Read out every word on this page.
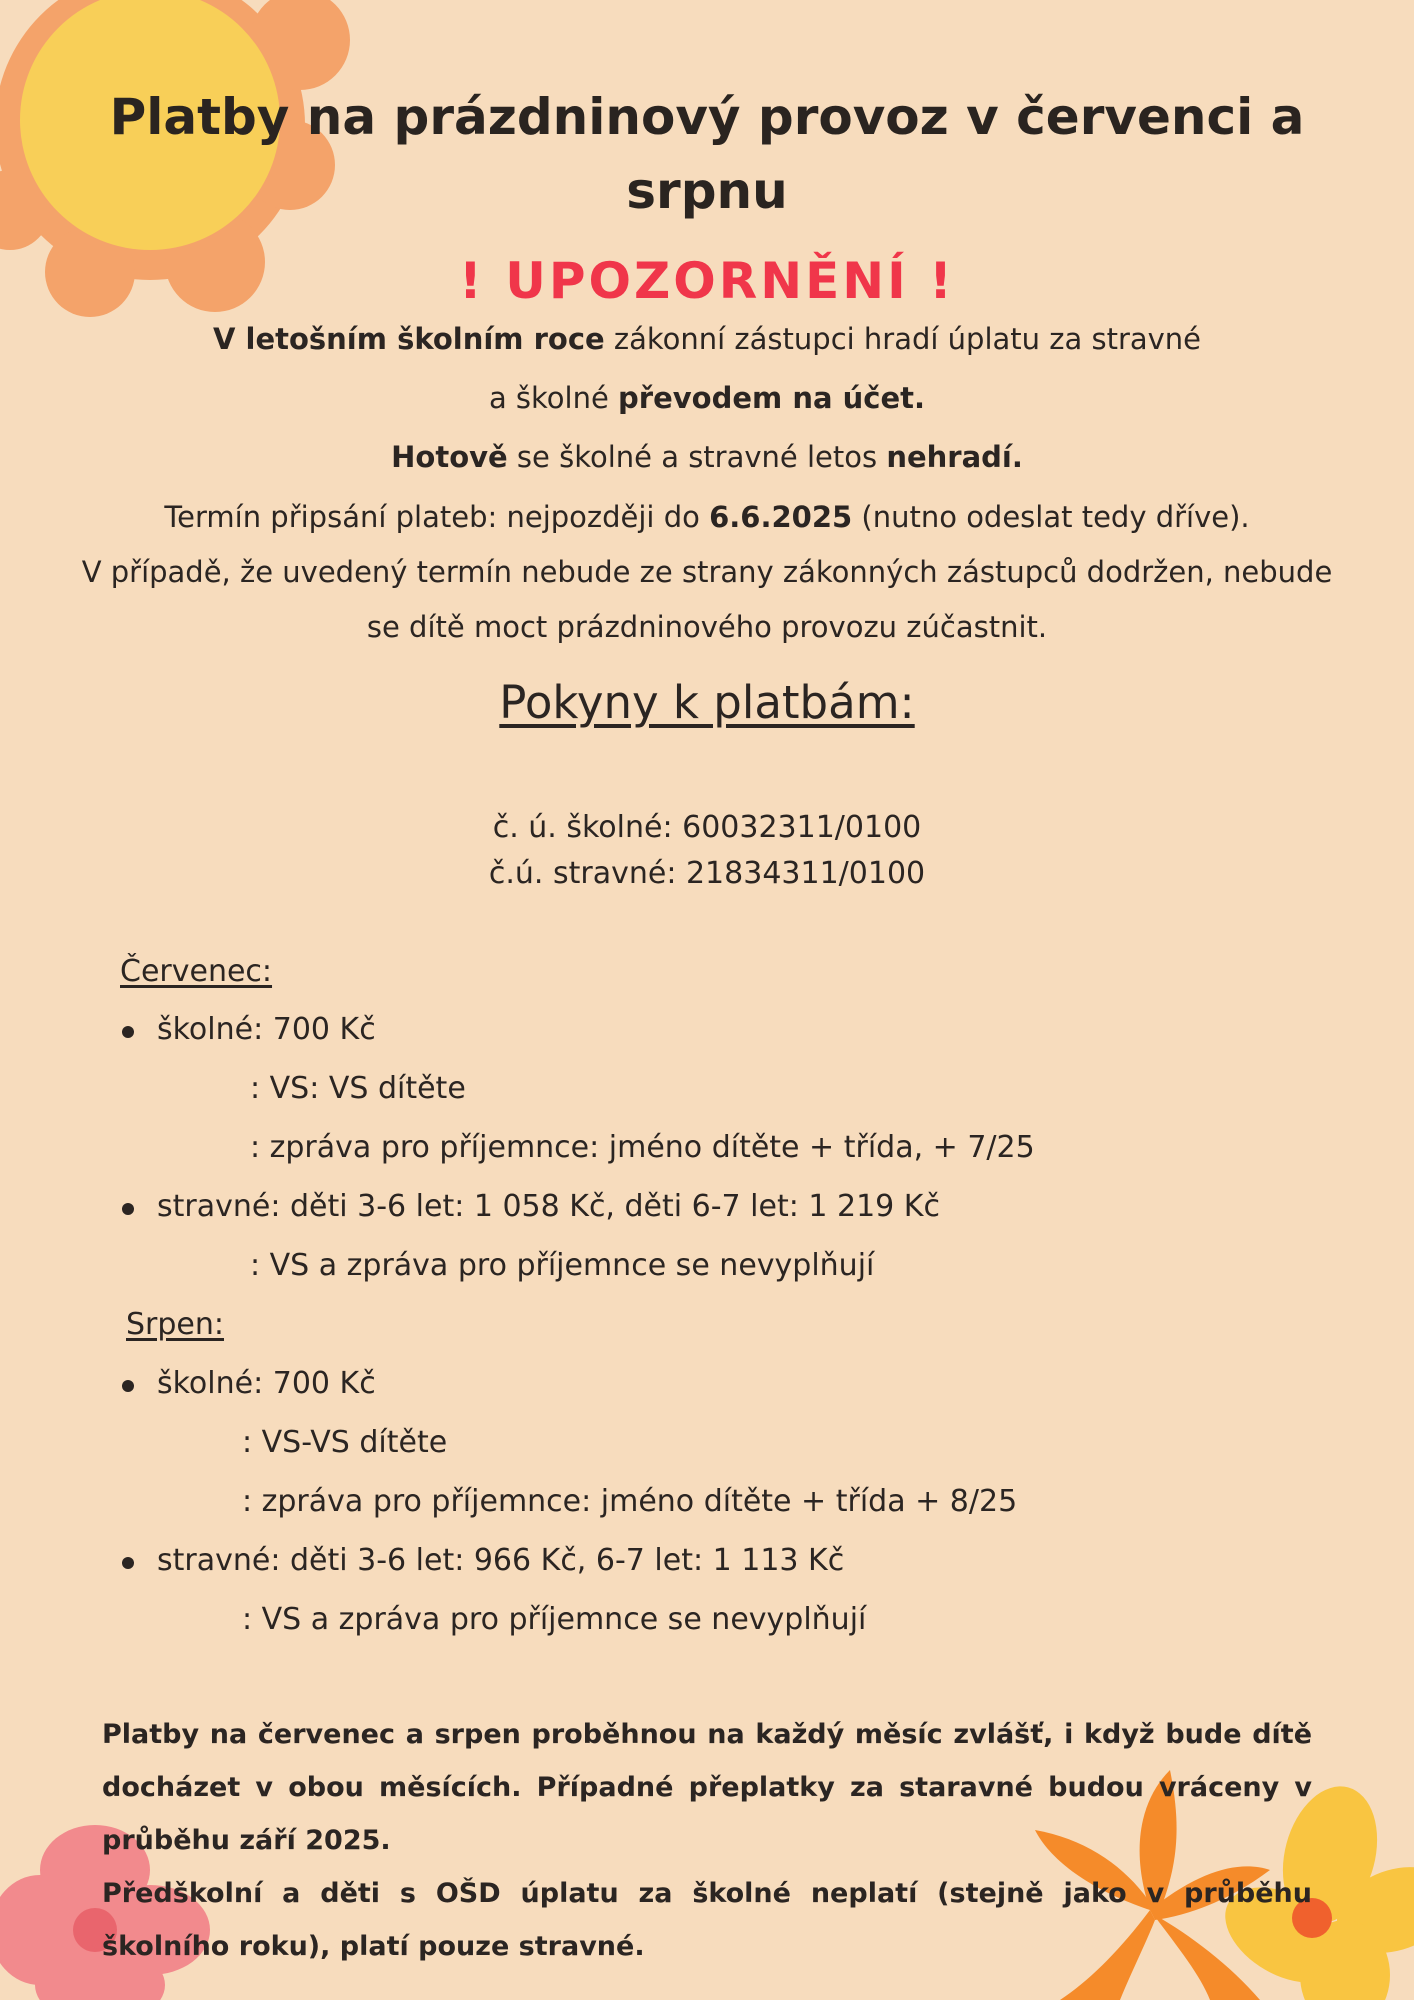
Platby na prázdninový provoz v červenci a srpnu
! UPOZORNĚNÍ !
V letošním školním roce zákonní zástupci hradí úplatu za stravné
a školné převodem na účet.
Hotově se školné a stravné letos nehradí.
Termín připsání plateb: nejpozději do 6.6.2025 (nutno odeslat tedy dříve).
V případě, že uvedený termín nebude ze strany zákonných zástupců dodržen, nebude
se dítě moct prázdninového provozu zúčastnit.
Pokyny k platbám:
č. ú. školné: 60032311/0100
č.ú. stravné: 21834311/0100
Červenec:
školné: 700 Kč
: VS: VS dítěte
: zpráva pro příjemnce: jméno dítěte + třída, + 7/25
stravné: děti 3-6 let: 1 058 Kč, děti 6-7 let: 1 219 Kč
: VS a zpráva pro příjemnce se nevyplňují
Srpen:
školné: 700 Kč
: VS-VS dítěte
: zpráva pro příjemnce: jméno dítěte + třída + 8/25
stravné: děti 3-6 let: 966 Kč, 6-7 let: 1 113 Kč
: VS a zpráva pro příjemnce se nevyplňují
Platby na červenec a srpen proběhnou na každý měsíc zvlášť, i když bude dítě docházet v obou měsících. Případné přeplatky za staravné budou vráceny v průběhu září 2025.
Předškolní a děti s OŠD úplatu za školné neplatí (stejně jako v průběhu školního roku), platí pouze stravné.
